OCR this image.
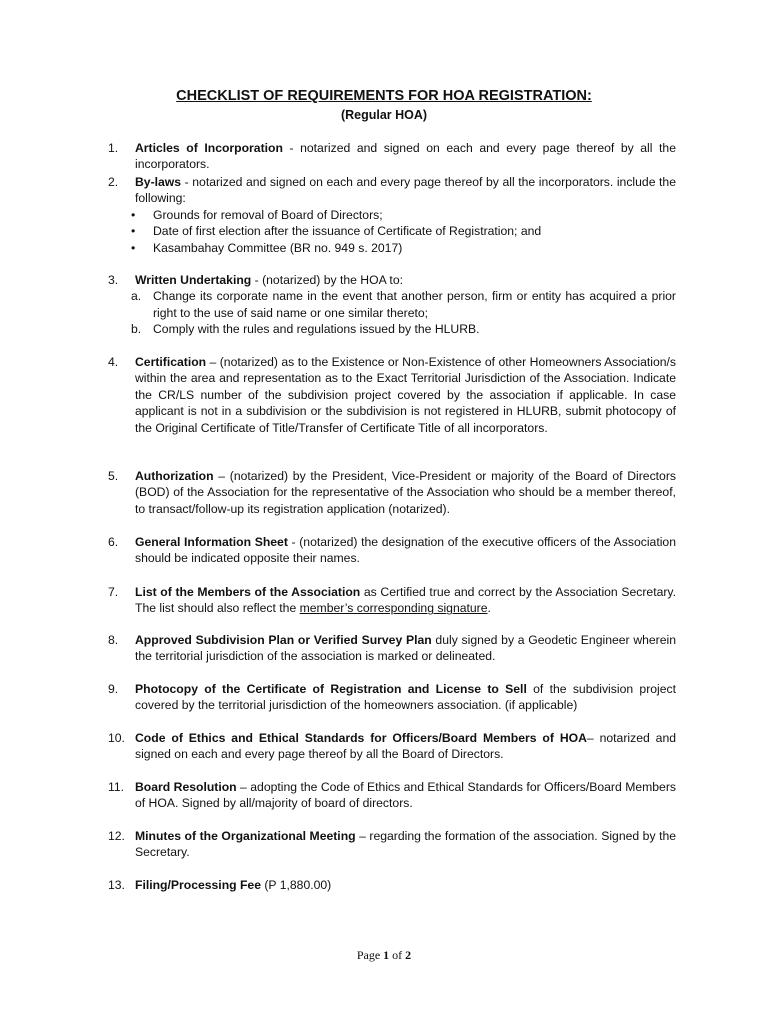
CHECKLIST OF REQUIREMENTS FOR HOA REGISTRATION:
(Regular HOA)
1.	Articles of Incorporation - notarized and signed on each and every page thereof by all the incorporators.
2.	By-laws - notarized and signed on each and every page thereof by all the incorporators. include the following:
•	Grounds for removal of Board of Directors;
•	Date of first election after the issuance of Certificate of Registration; and
•	Kasambahay Committee (BR no. 949 s. 2017)
3.	Written Undertaking - (notarized) by the HOA to:
a. Change its corporate name in the event that another person, firm or entity has acquired a prior right to the use of said name or one similar thereto;
b. Comply with the rules and regulations issued by the HLURB.
4.	Certification – (notarized) as to the Existence or Non-Existence of other Homeowners Association/s within the area and representation as to the Exact Territorial Jurisdiction of the Association. Indicate the CR/LS number of the subdivision project covered by the association if applicable. In case applicant is not in a subdivision or the subdivision is not registered in HLURB, submit photocopy of the Original Certificate of Title/Transfer of Certificate Title of all incorporators.
5.	Authorization – (notarized) by the President, Vice-President or majority of the Board of Directors (BOD) of the Association for the representative of the Association who should be a member thereof, to transact/follow-up its registration application (notarized).
6.	General Information Sheet - (notarized) the designation of the executive officers of the Association should be indicated opposite their names.
7.	List of the Members of the Association as Certified true and correct by the Association Secretary. The list should also reflect the member’s corresponding signature.
8.	Approved Subdivision Plan or Verified Survey Plan duly signed by a Geodetic Engineer wherein the territorial jurisdiction of the association is marked or delineated.
9.	Photocopy of the Certificate of Registration and License to Sell of the subdivision project covered by the territorial jurisdiction of the homeowners association. (if applicable)
10. Code of Ethics and Ethical Standards for Officers/Board Members of HOA– notarized and signed on each and every page thereof by all the Board of Directors.
11. Board Resolution – adopting the Code of Ethics and Ethical Standards for Officers/Board Members of HOA. Signed by all/majority of board of directors.
12. Minutes of the Organizational Meeting – regarding the formation of the association. Signed by the Secretary.
13. Filing/Processing Fee (P 1,880.00)
Page 1 of 2
